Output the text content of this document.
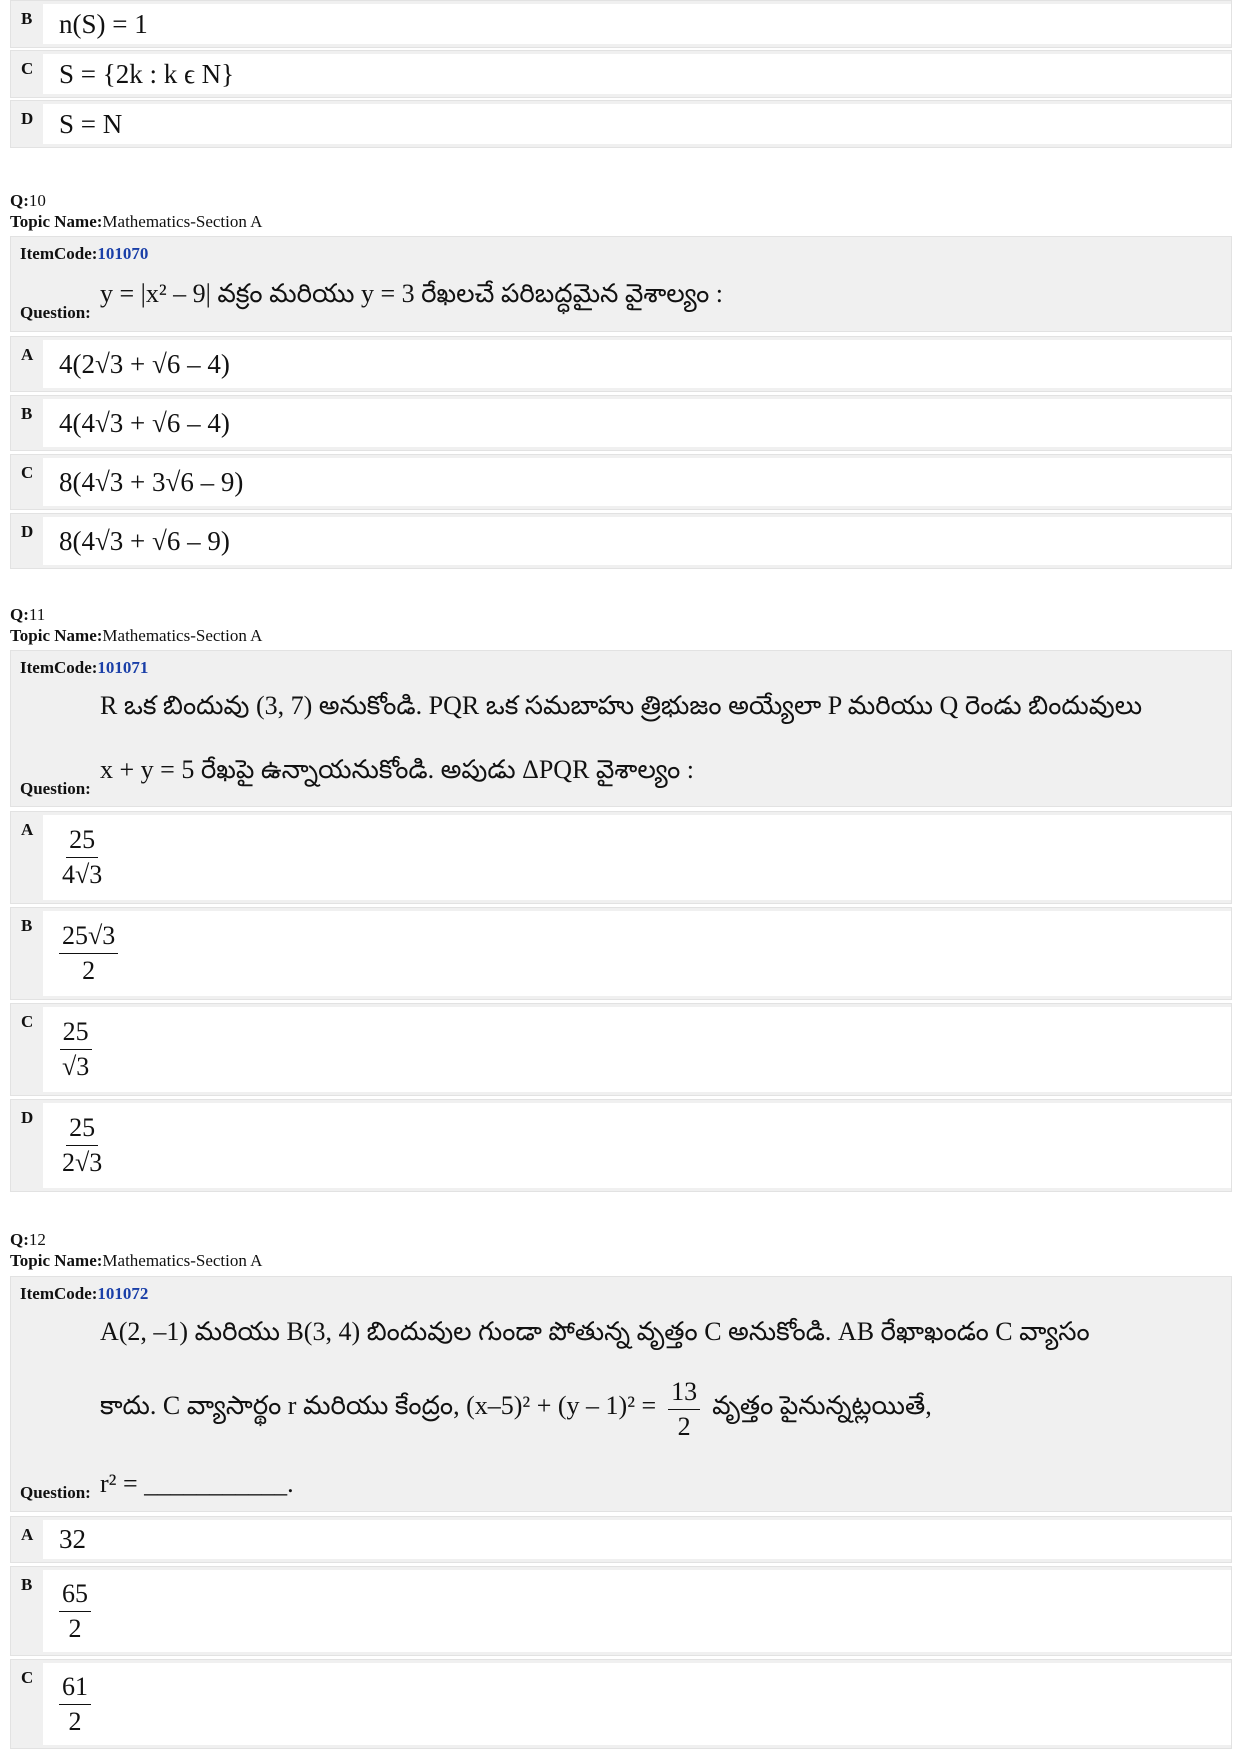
B n(S) = 1
C S = {2k : k ϵ N}
D S = N
Q:10
Topic Name:Mathematics-Section A
ItemCode:101070
Question:
y = |x² – 9| వక్రం మరియు y = 3 రేఖలచే పరిబద్ధమైన వైశాల్యం :
A 4(2√3 + √6 – 4)
B 4(4√3 + √6 – 4)
C 8(4√3 + 3√6 – 9)
D 8(4√3 + √6 – 9)
Q:11
Topic Name:Mathematics-Section A
ItemCode:101071
Question:
R ఒక బిందువు (3, 7) అనుకోండి. PQR ఒక సమబాహు త్రిభుజం అయ్యేలా P మరియు Q రెండు బిందువులు
x + y = 5 రేఖపై ఉన్నాయనుకోండి. అపుడు ΔPQR వైశాల్యం :
A $\frac{25}{4√3}$
B	$\frac{25√3}{2}$
C $\frac{25}{√3}$
D $\frac{25}{2√3}$
Q:12
Topic Name:Mathematics-Section A
ItemCode:101072
Question:
A(2, –1) మరియు B(3, 4) బిందువుల గుండా పోతున్న వృత్తం C అనుకోండి. AB రేఖాఖండం C వ్యాసం
కాదు. C వ్యాసార్థం r మరియు కేంద్రం, $(x-5)^2 + (y - 1)^2 = \frac{13}{2}$ వృత్తం పైనున్నట్లయితే,
r² = ___________.
A 32
B	$\frac{65}{2}$
C $\frac{61}{2}$
